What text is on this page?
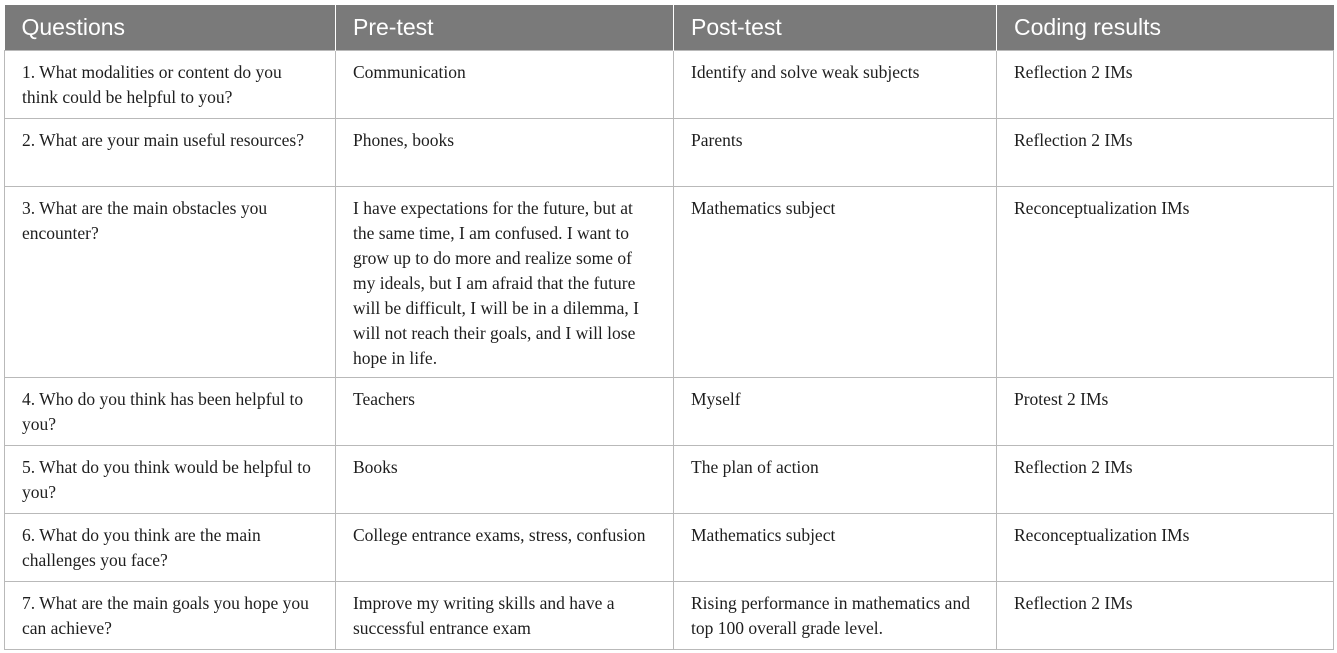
Questions	Pre-test	Post-test	Coding results
1. What modalities or content do you think could be helpful to you?	Communication	Identify and solve weak subjects	Reflection 2 IMs
2. What are your main useful resources?	Phones, books	Parents	Reflection 2 IMs
3. What are the main obstacles you encounter?	I have expectations for the future, but at the same time, I am confused. I want to grow up to do more and realize some of my ideals, but I am afraid that the future will be difficult, I will be in a dilemma, I will not reach their goals, and I will lose hope in life.	Mathematics subject	Reconceptualization IMs
4. Who do you think has been helpful to you?	Teachers	Myself	Protest 2 IMs
5. What do you think would be helpful to you?	Books	The plan of action	Reflection 2 IMs
6. What do you think are the main challenges you face?	College entrance exams, stress, confusion	Mathematics subject	Reconceptualization IMs
7. What are the main goals you hope you can achieve?	Improve my writing skills and have a successful entrance exam	Rising performance in mathematics and top 100 overall grade level.	Reflection 2 IMs
